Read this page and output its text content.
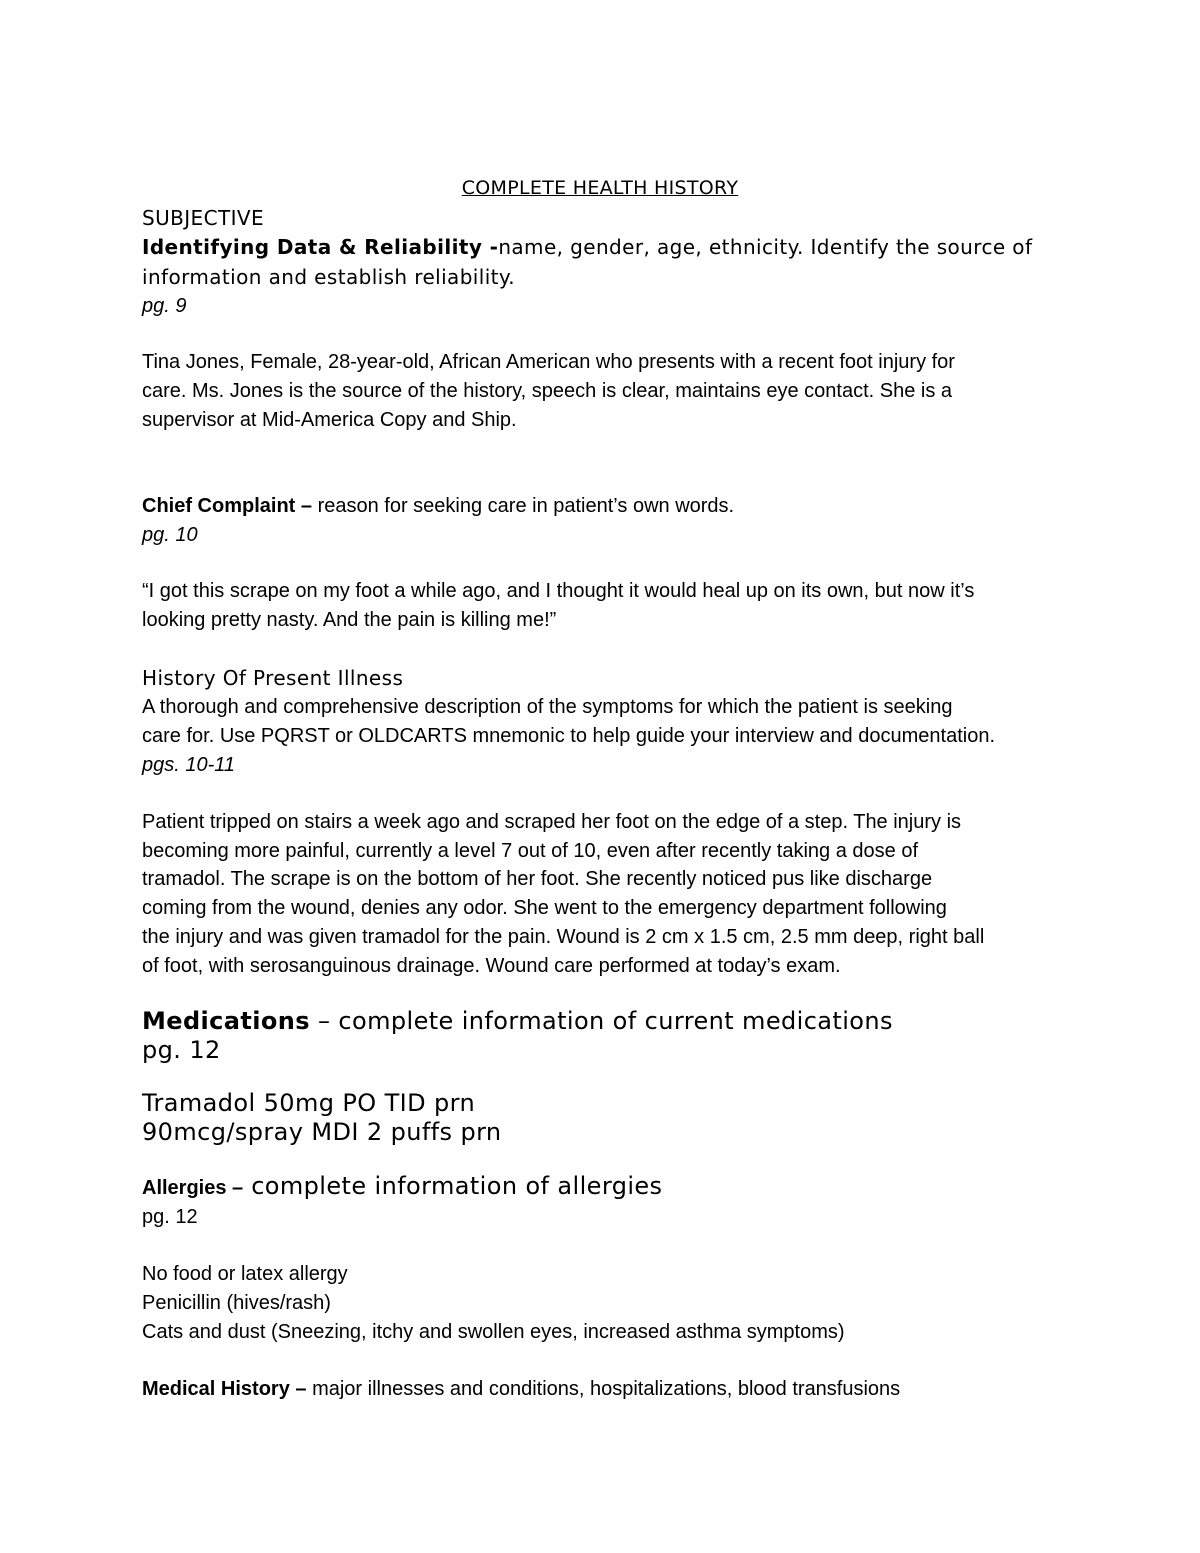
COMPLETE HEALTH HISTORY

SUBJECTIVE

Identifying Data & Reliability -name, gender, age, ethnicity. Identify the source of

information and establish reliability.

pg. 9

Tina Jones, Female, 28-year-old, African American who presents with a recent foot injury for

care. Ms. Jones is the source of the history, speech is clear, maintains eye contact. She is a

supervisor at Mid-America Copy and Ship.

Chief Complaint – reason for seeking care in patient’s own words.

pg. 10

“I got this scrape on my foot a while ago, and I thought it would heal up on its own, but now it’s

looking pretty nasty. And the pain is killing me!”

History Of Present Illness

A thorough and comprehensive description of the symptoms for which the patient is seeking

care for. Use PQRST or OLDCARTS mnemonic to help guide your interview and documentation.

pgs. 10-11

Patient tripped on stairs a week ago and scraped her foot on the edge of a step. The injury is

becoming more painful, currently a level 7 out of 10, even after recently taking a dose of

tramadol. The scrape is on the bottom of her foot. She recently noticed pus like discharge

coming from the wound, denies any odor. She went to the emergency department following

the injury and was given tramadol for the pain. Wound is 2 cm x 1.5 cm, 2.5 mm deep, right ball

of foot, with serosanguinous drainage. Wound care performed at today’s exam.

Medications – complete information of current medications

pg. 12

Tramadol 50mg PO TID prn

90mcg/spray MDI 2 puffs prn

Allergies – complete information of allergies

pg. 12

No food or latex allergy

Penicillin (hives/rash)

Cats and dust (Sneezing, itchy and swollen eyes, increased asthma symptoms)

Medical History – major illnesses and conditions, hospitalizations, blood transfusions
